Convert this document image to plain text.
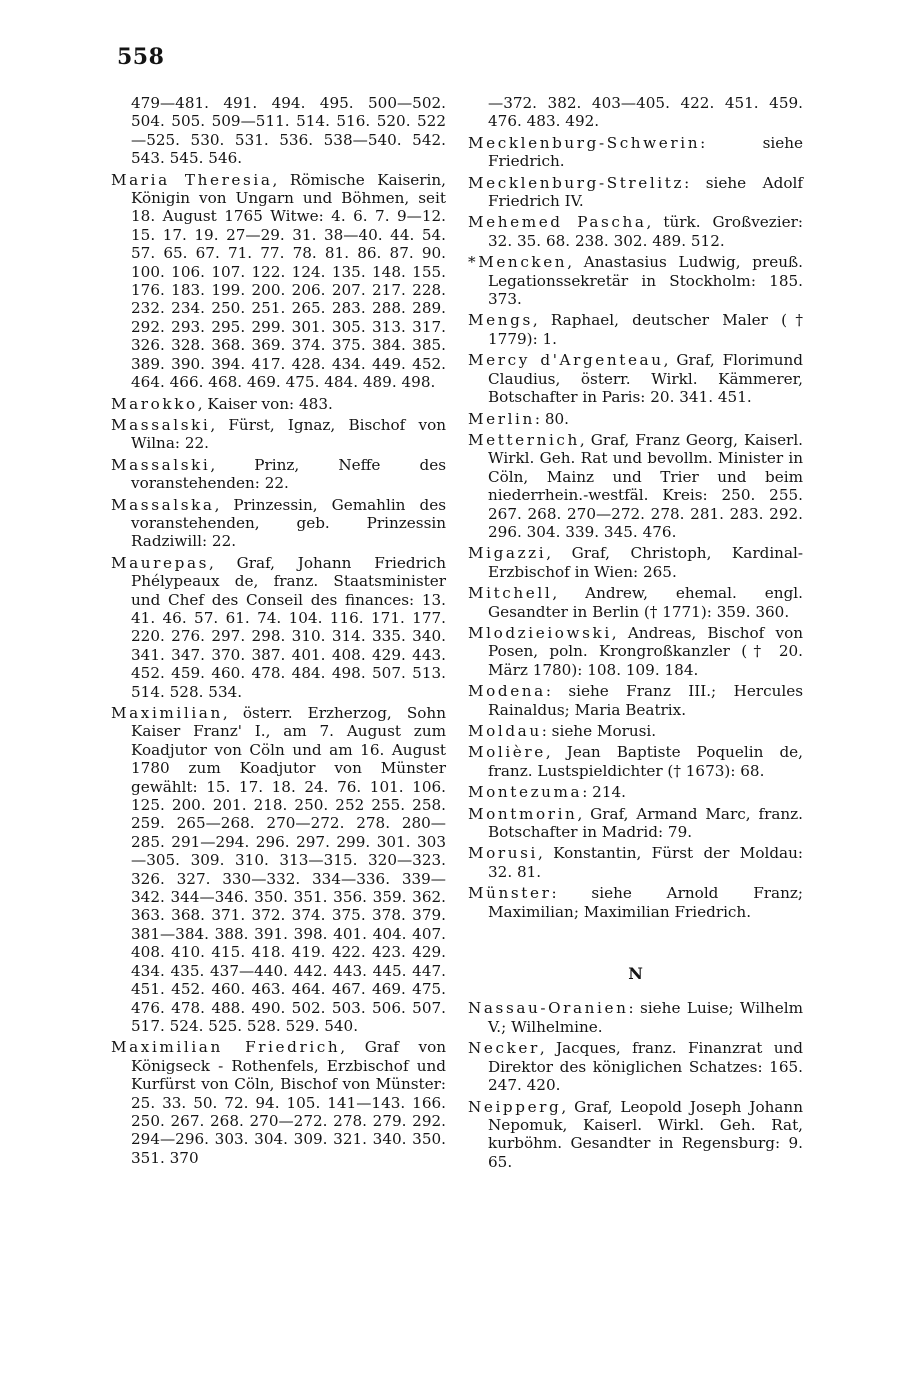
558

479—481. 491. 494. 495. 500—502. 504. 505. 509—511. 514. 516. 520. 522—525. 530. 531. 536. 538—540. 542. 543. 545. 546.

Maria Theresia, Römische Kaiserin, Königin von Ungarn und Böhmen, seit 18. August 1765 Witwe: 4. 6. 7. 9—12. 15. 17. 19. 27—29. 31. 38—40. 44. 54. 57. 65. 67. 71. 77. 78. 81. 86. 87. 90. 100. 106. 107. 122. 124. 135. 148. 155. 176. 183. 199. 200. 206. 207. 217. 228. 232. 234. 250. 251. 265. 283. 288. 289. 292. 293. 295. 299. 301. 305. 313. 317. 326. 328. 368. 369. 374. 375. 384. 385. 389. 390. 394. 417. 428. 434. 449. 452. 464. 466. 468. 469. 475. 484. 489. 498.

Marokko, Kaiser von: 483.

Massalski, Fürst, Ignaz, Bischof von Wilna: 22.

Massalski, Prinz, Neffe des voranstehenden: 22.

Massalska, Prinzessin, Gemahlin des voranstehenden, geb. Prinzessin Radziwill: 22.

Maurepas, Graf, Johann Friedrich Phélypeaux de, franz. Staatsminister und Chef des Conseil des finances: 13. 41. 46. 57. 61. 74. 104. 116. 171. 177. 220. 276. 297. 298. 310. 314. 335. 340. 341. 347. 370. 387. 401. 408. 429. 443. 452. 459. 460. 478. 484. 498. 507. 513. 514. 528. 534.

Maximilian, österr. Erzherzog, Sohn Kaiser Franz' I., am 7. August zum Koadjutor von Cöln und am 16. August 1780 zum Koadjutor von Münster gewählt: 15. 17. 18. 24. 76. 101. 106. 125. 200. 201. 218. 250. 252 255. 258. 259. 265—268. 270—272. 278. 280—285. 291—294. 296. 297. 299. 301. 303—305. 309. 310. 313—315. 320—323. 326. 327. 330—332. 334—336. 339—342. 344—346. 350. 351. 356. 359. 362. 363. 368. 371. 372. 374. 375. 378. 379. 381—384. 388. 391. 398. 401. 404. 407. 408. 410. 415. 418. 419. 422. 423. 429. 434. 435. 437—440. 442. 443. 445. 447. 451. 452. 460. 463. 464. 467. 469. 475. 476. 478. 488. 490. 502. 503. 506. 507. 517. 524. 525. 528. 529. 540.

Maximilian Friedrich, Graf von Königseck - Rothenfels, Erzbischof und Kurfürst von Cöln, Bischof von Münster: 25. 33. 50. 72. 94. 105. 141—143. 166. 250. 267. 268. 270—272. 278. 279. 292. 294—296. 303. 304. 309. 321. 340. 350. 351. 370

—372. 382. 403—405. 422. 451. 459. 476. 483. 492.

Mecklenburg-Schwerin: siehe Friedrich.

Mecklenburg-Strelitz: siehe Adolf Friedrich IV.

Mehemed Pascha, türk. Großvezier: 32. 35. 68. 238. 302. 489. 512.

*Mencken, Anastasius Ludwig, preuß. Legationssekretär in Stockholm: 185. 373.

Mengs, Raphael, deutscher Maler († 1779): 1.

Mercy d'Argenteau, Graf, Florimund Claudius, österr. Wirkl. Kämmerer, Botschafter in Paris: 20. 341. 451.

Merlin: 80.

Metternich, Graf, Franz Georg, Kaiserl. Wirkl. Geh. Rat und bevollm. Minister in Cöln, Mainz und Trier und beim niederrhein.-westfäl. Kreis: 250. 255. 267. 268. 270—272. 278. 281. 283. 292. 296. 304. 339. 345. 476.

Migazzi, Graf, Christoph, Kardinal-Erzbischof in Wien: 265.

Mitchell, Andrew, ehemal. engl. Gesandter in Berlin († 1771): 359. 360.

Mlodzieiowski, Andreas, Bischof von Posen, poln. Krongroßkanzler († 20. März 1780): 108. 109. 184.

Modena: siehe Franz III.; Hercules Rainaldus; Maria Beatrix.

Moldau: siehe Morusi.

Molière, Jean Baptiste Poquelin de, franz. Lustspieldichter († 1673): 68.

Montezuma: 214.

Montmorin, Graf, Armand Marc, franz. Botschafter in Madrid: 79.

Morusi, Konstantin, Fürst der Moldau: 32. 81.

Münster: siehe Arnold Franz; Maximilian; Maximilian Friedrich.

N

Nassau-Oranien: siehe Luise; Wilhelm V.; Wilhelmine.

Necker, Jacques, franz. Finanzrat und Direktor des königlichen Schatzes: 165. 247. 420.

Neipperg, Graf, Leopold Joseph Johann Nepomuk, Kaiserl. Wirkl. Geh. Rat, kurböhm. Gesandter in Regensburg: 9. 65.
